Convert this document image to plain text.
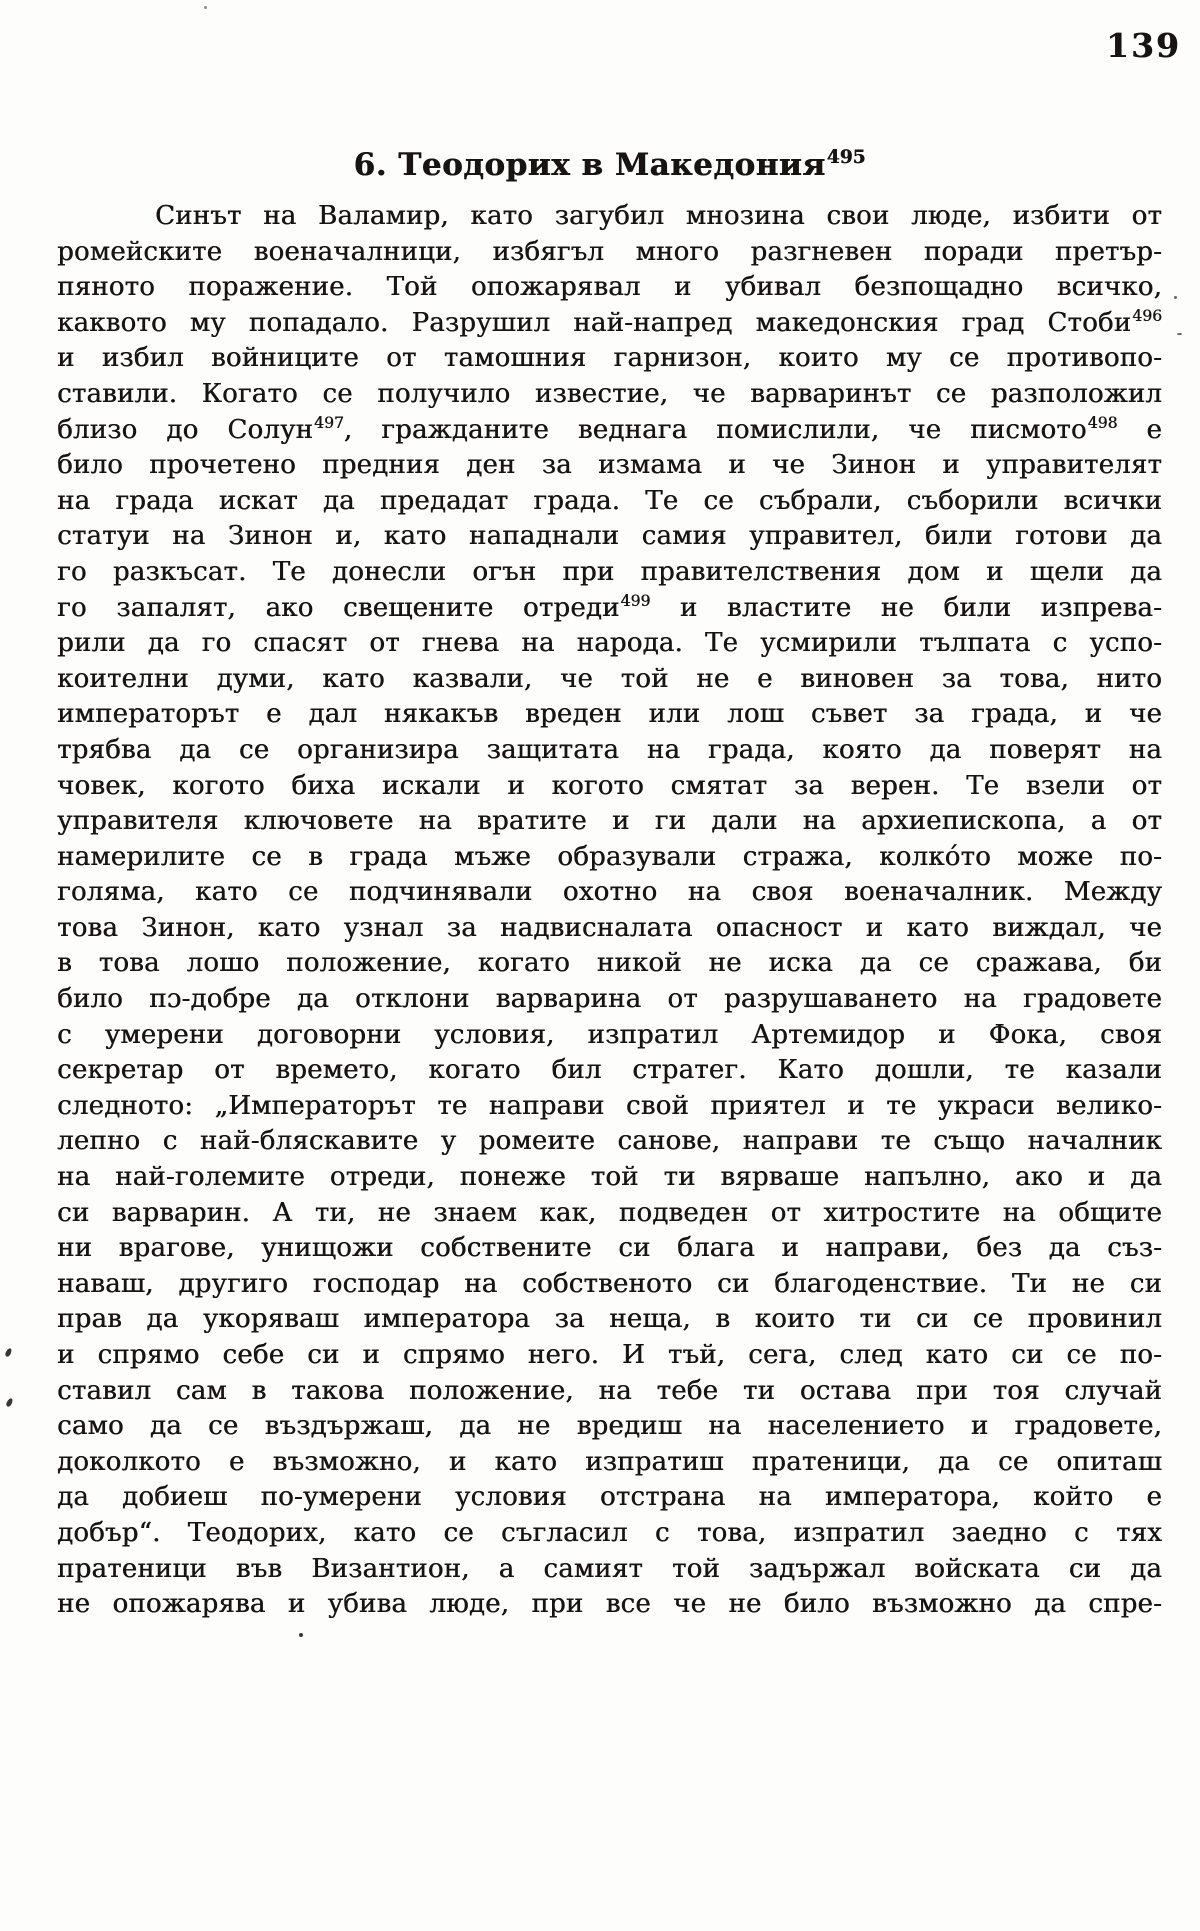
139
6. Теодорих в Македония$^{495}$
Синът на Валамир, като загубил мнозина свои люде, избити от
ромейските военачалници, избягъл много разгневен поради претър-
пяното поражение. Той опожарявал и убивал безпощадно всичко,
каквото му попадало. Разрушил най-напред македонския град Стоби$^{496}$
и избил войниците от тамошния гарнизон, които му се противопо-
ставили. Когато се получило известие, че варваринът се разположил
близо до Солун$^{497}$, гражданите веднага помислили, че писмото$^{498}$ е
било прочетено предния ден за измама и че Зинон и управителят
на града искат да предадат града. Те се събрали, съборили всички
статуи на Зинон и, като нападнали самия управител, били готови да
го разкъсат. Те донесли огън при правителствения дом и щели да
го запалят, ако свещените отреди$^{499}$ и властите не били изпрева-
рили да го спасят от гнева на народа. Те усмирили тълпата с успо-
коителни думи, като казвали, че той не е виновен за това, нито
императорът е дал някакъв вреден или лош съвет за града, и че
трябва да се организира защитата на града, която да поверят на
човек, когото биха искали и когото смятат за верен. Те взели от
управителя ключовете на вратите и ги дали на архиепископа, а от
намерилите се в града мъже образували стража, колкóто може по-
голяма, като се подчинявали охотно на своя военачалник. Между
това Зинон, като узнал за надвисналата опасност и като виждал, че
в това лошо положение, когато никой не иска да се сражава, би
било пɔ-добре да отклони варварина от разрушаването на градовете
с умерени договорни условия, изпратил Артемидор и Фока, своя
секретар от времето, когато бил стратег. Като дошли, те казали
следното: „Императорът те направи свой приятел и те украси велико-
лепно с най-бляскавите у ромеите санове, направи те също началник
на най-големите отреди, понеже той ти вярваше напълно, ако и да
си варварин. А ти, не знаем как, подведен от хитростите на общите
ни врагове, унищожи собствените си блага и направи, без да съз-
наваш, другиго господар на собственото си благоденствие. Ти не си
прав да укоряваш императора за неща, в които ти си се провинил
и спрямо себе си и спрямо него. И тъй, сега, след като си се по-
ставил сам в такова положение, на тебе ти остава при тоя случай
само да се въздържаш, да не вредиш на населението и градовете,
доколкото е възможно, и като изпратиш пратеници, да се опиташ
да добиеш по-умерени условия отстрана на императора, който е
добър“. Теодорих, като се съгласил с това, изпратил заедно с тях
пратеници във Византион, а самият той задържал войската си да
не опожарява и убива люде, при все че не било възможно да спре-
